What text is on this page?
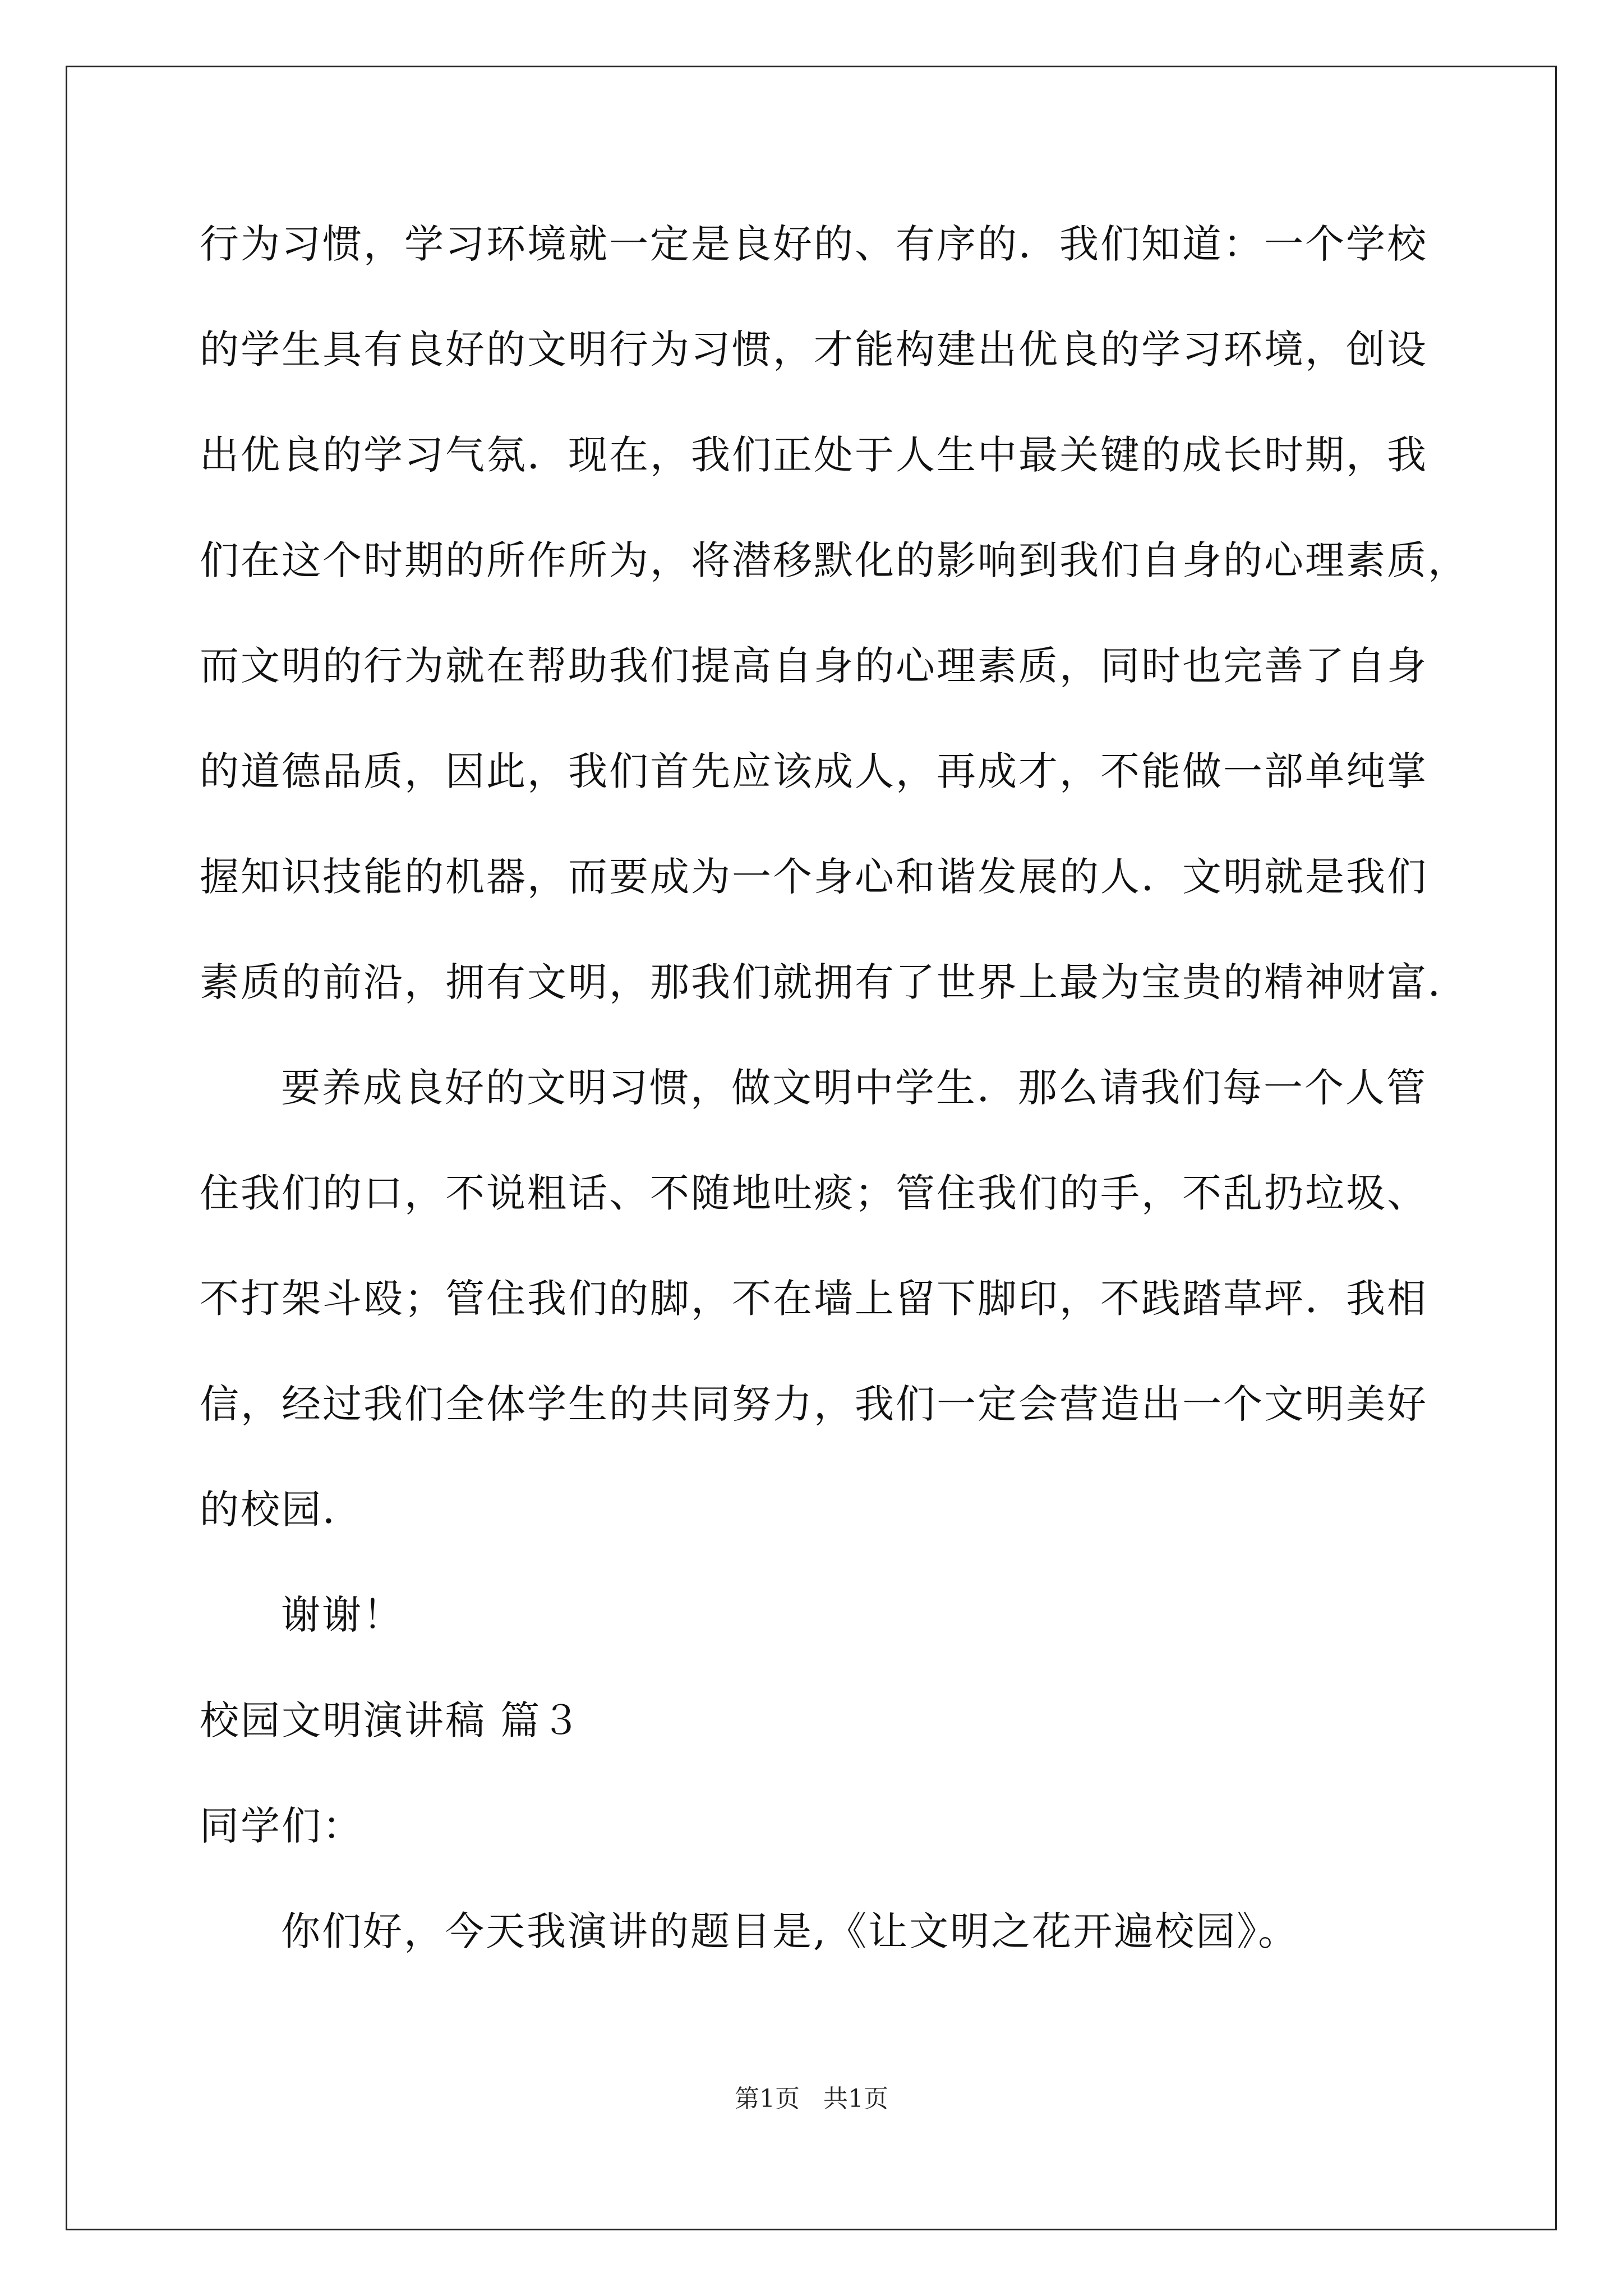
行为习惯，学习环境就一定是良好的、有序的．我们知道：一个学校
的学生具有良好的文明行为习惯，才能构建出优良的学习环境，创设
出优良的学习气氛．现在，我们正处于人生中最关键的成长时期，我
们在这个时期的所作所为，将潜移默化的影响到我们自身的心理素质，
而文明的行为就在帮助我们提高自身的心理素质，同时也完善了自身
的道德品质，因此，我们首先应该成人，再成才，不能做一部单纯掌
握知识技能的机器，而要成为一个身心和谐发展的人．文明就是我们
素质的前沿，拥有文明，那我们就拥有了世界上最为宝贵的精神财富．
要养成良好的文明习惯，做文明中学生．那么请我们每一个人管
住我们的口，不说粗话、不随地吐痰；管住我们的手，不乱扔垃圾、
不打架斗殴；管住我们的脚，不在墙上留下脚印，不践踏草坪．我相
信，经过我们全体学生的共同努力，我们一定会营造出一个文明美好
的校园．
谢谢！
校园文明演讲稿 篇３
同学们：
你们好，今天我演讲的题目是,《让文明之花开遍校园》。
第1页 共1页
